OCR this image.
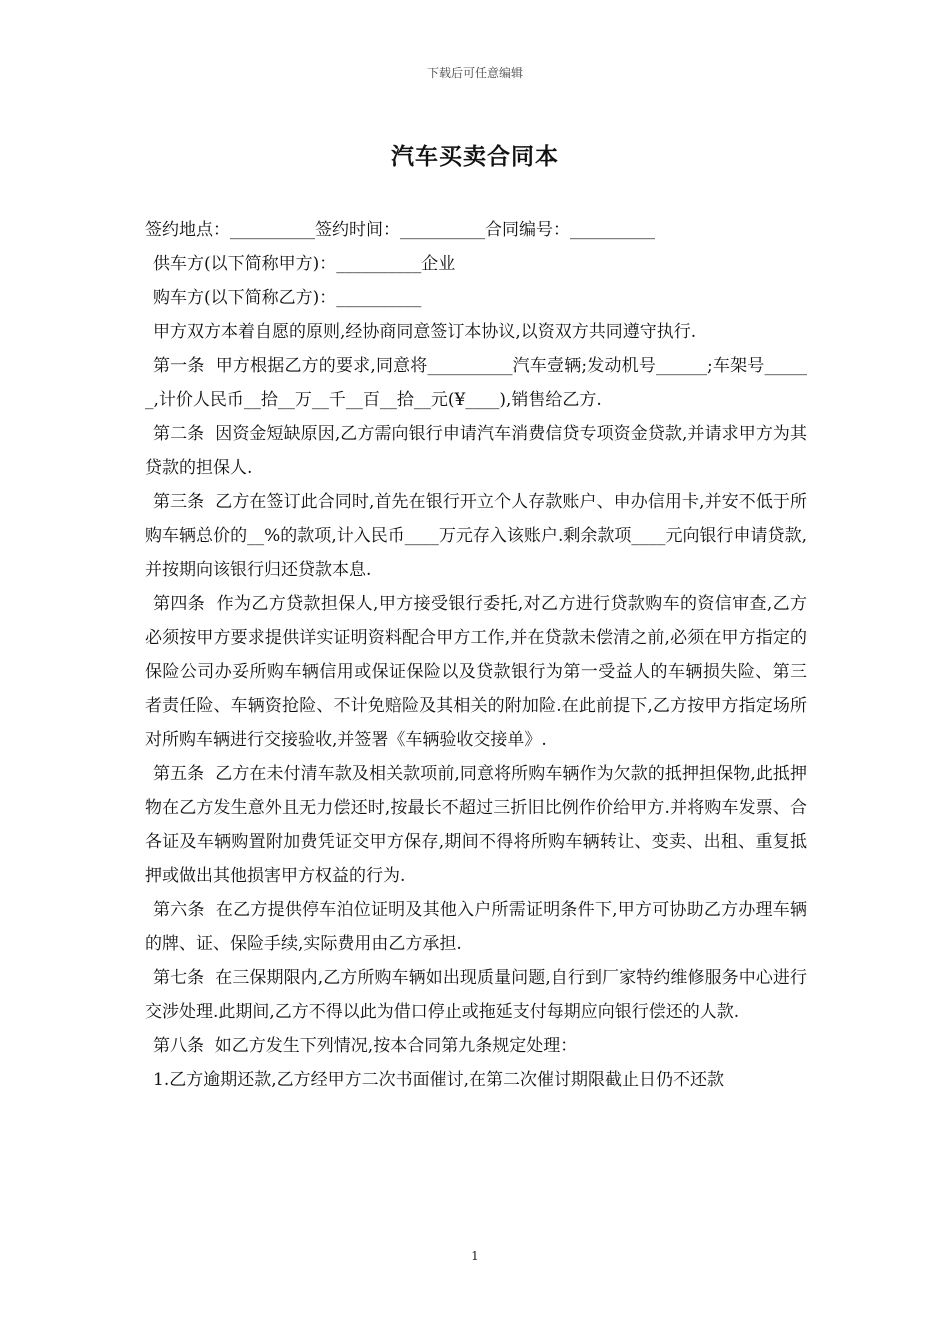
下载后可任意编辑
汽车买卖合同本

签约地点：__________签约时间：__________合同编号：__________

供车方(以下简称甲方)：__________企业

购车方(以下简称乙方)：__________

甲方双方本着自愿的原则,经协商同意签订本协议,以资双方共同遵守执行.

第一条  甲方根据乙方的要求,同意将__________汽车壹辆;发动机号______;车架号______,计价人民币__拾__万__千__百__拾__元(¥____),销售给乙方.

第二条  因资金短缺原因,乙方需向银行申请汽车消费信贷专项资金贷款,并请求甲方为其贷款的担保人.

第三条  乙方在签订此合同时,首先在银行开立个人存款账户、申办信用卡,并安不低于所购车辆总价的__%的款项,计入民币____万元存入该账户.剩余款项____元向银行申请贷款,并按期向该银行归还贷款本息.

第四条  作为乙方贷款担保人,甲方接受银行委托,对乙方进行贷款购车的资信审查,乙方必须按甲方要求提供详实证明资料配合甲方工作,并在贷款未偿清之前,必须在甲方指定的保险公司办妥所购车辆信用或保证保险以及贷款银行为第一受益人的车辆损失险、第三者责任险、车辆资抢险、不计免赔险及其相关的附加险.在此前提下,乙方按甲方指定场所对所购车辆进行交接验收,并签署《车辆验收交接单》.

第五条  乙方在未付清车款及相关款项前,同意将所购车辆作为欠款的抵押担保物,此抵押物在乙方发生意外且无力偿还时,按最长不超过三折旧比例作价给甲方.并将购车发票、合各证及车辆购置附加费凭证交甲方保存,期间不得将所购车辆转让、变卖、出租、重复抵押或做出其他损害甲方权益的行为.

第六条  在乙方提供停车泊位证明及其他入户所需证明条件下,甲方可协助乙方办理车辆的牌、证、保险手续,实际费用由乙方承担.

第七条  在三保期限内,乙方所购车辆如出现质量问题,自行到厂家特约维修服务中心进行交涉处理.此期间,乙方不得以此为借口停止或拖延支付每期应向银行偿还的人款.

第八条  如乙方发生下列情况,按本合同第九条规定处理：

1.乙方逾期还款,乙方经甲方二次书面催讨,在第二次催讨期限截止日仍不还款

1
